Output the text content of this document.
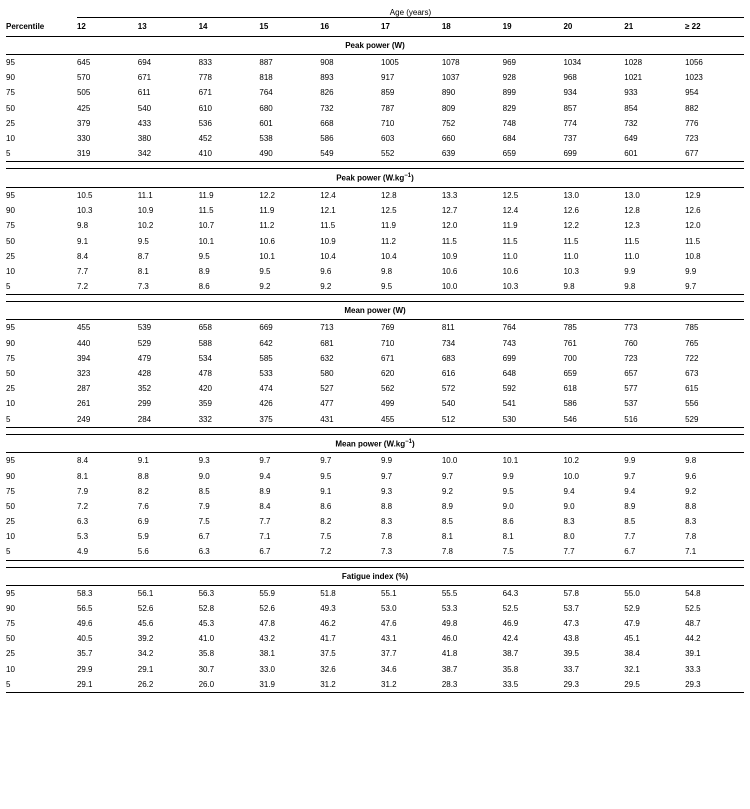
	Age (years)										
Percentile	12	13	14	15	16	17	18	19	20	21	≥ 22
Peak power (W)											
95	645	694	833	887	908	1005	1078	969	1034	1028	1056
90	570	671	778	818	893	917	1037	928	968	1021	1023
75	505	611	671	764	826	859	890	899	934	933	954
50	425	540	610	680	732	787	809	829	857	854	882
25	379	433	536	601	668	710	752	748	774	732	776
10	330	380	452	538	586	603	660	684	737	649	723
5	319	342	410	490	549	552	639	659	699	601	677

Peak power $(W.kg^{-1})$											
95	10.5	11.1	11.9	12.2	12.4	12.8	13.3	12.5	13.0	13.0	12.9
90	10.3	10.9	11.5	11.9	12.1	12.5	12.7	12.4	12.6	12.8	12.6
75	9.8	10.2	10.7	11.2	11.5	11.9	12.0	11.9	12.2	12.3	12.0
50	9.1	9.5	10.1	10.6	10.9	11.2	11.5	11.5	11.5	11.5	11.5
25	8.4	8.7	9.5	10.1	10.4	10.4	10.9	11.0	11.0	11.0	10.8
10	7.7	8.1	8.9	9.5	9.6	9.8	10.6	10.6	10.3	9.9	9.9
5	7.2	7.3	8.6	9.2	9.2	9.5	10.0	10.3	9.8	9.8	9.7

Mean power (W)											
95	455	539	658	669	713	769	811	764	785	773	785
90	440	529	588	642	681	710	734	743	761	760	765
75	394	479	534	585	632	671	683	699	700	723	722
50	323	428	478	533	580	620	616	648	659	657	673
25	287	352	420	474	527	562	572	592	618	577	615
10	261	299	359	426	477	499	540	541	586	537	556
5	249	284	332	375	431	455	512	530	546	516	529

Mean power $(W.kg^{-1})$											
95	8.4	9.1	9.3	9.7	9.7	9.9	10.0	10.1	10.2	9.9	9.8
90	8.1	8.8	9.0	9.4	9.5	9.7	9.7	9.9	10.0	9.7	9.6
75	7.9	8.2	8.5	8.9	9.1	9.3	9.2	9.5	9.4	9.4	9.2
50	7.2	7.6	7.9	8.4	8.6	8.8	8.9	9.0	9.0	8.9	8.8
25	6.3	6.9	7.5	7.7	8.2	8.3	8.5	8.6	8.3	8.5	8.3
10	5.3	5.9	6.7	7.1	7.5	7.8	8.1	8.1	8.0	7.7	7.8
5	4.9	5.6	6.3	6.7	7.2	7.3	7.8	7.5	7.7	6.7	7.1

Fatigue index (%)											
95	58.3	56.1	56.3	55.9	51.8	55.1	55.5	64.3	57.8	55.0	54.8
90	56.5	52.6	52.8	52.6	49.3	53.0	53.3	52.5	53.7	52.9	52.5
75	49.6	45.6	45.3	47.8	46.2	47.6	49.8	46.9	47.3	47.9	48.7
50	40.5	39.2	41.0	43.2	41.7	43.1	46.0	42.4	43.8	45.1	44.2
25	35.7	34.2	35.8	38.1	37.5	37.7	41.8	38.7	39.5	38.4	39.1
10	29.9	29.1	30.7	33.0	32.6	34.6	38.7	35.8	33.7	32.1	33.3
5	29.1	26.2	26.0	31.9	31.2	31.2	28.3	33.5	29.3	29.5	29.3
